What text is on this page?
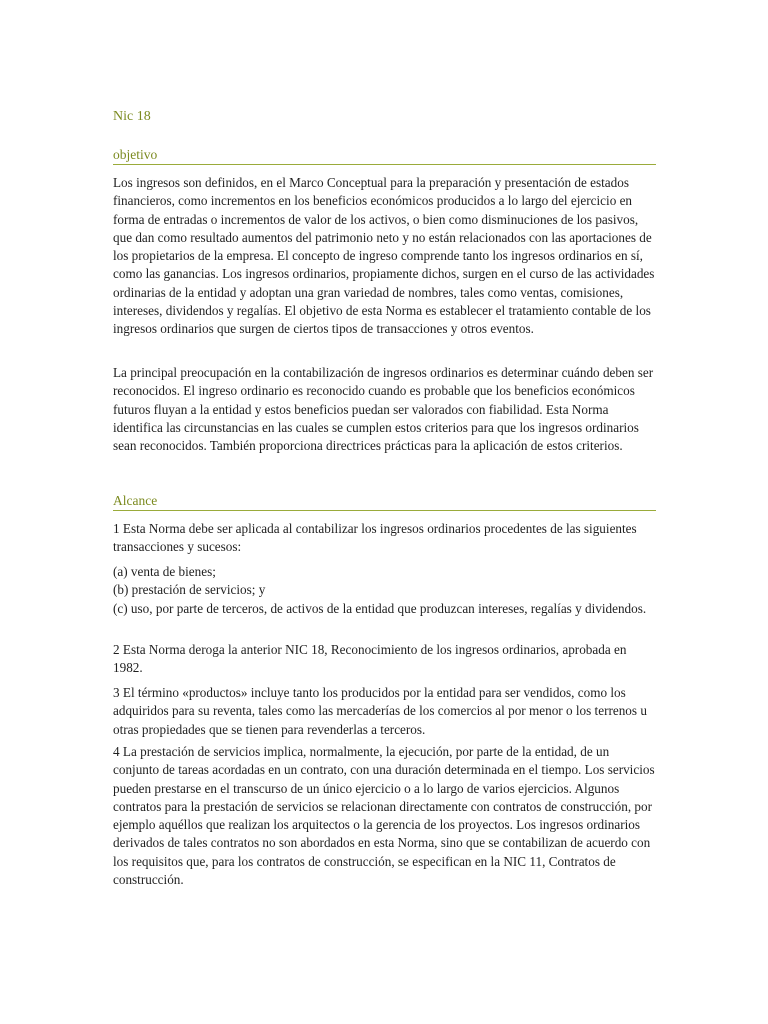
Nic 18
objetivo

Los ingresos son definidos, en el Marco Conceptual para la preparación y presentación de estados financieros, como incrementos en los beneficios económicos producidos a lo largo del ejercicio en forma de entradas o incrementos de valor de los activos, o bien como disminuciones de los pasivos, que dan como resultado aumentos del patrimonio neto y no están relacionados con las aportaciones de los propietarios de la empresa. El concepto de ingreso comprende tanto los ingresos ordinarios en sí, como las ganancias. Los ingresos ordinarios, propiamente dichos, surgen en el curso de las actividades ordinarias de la entidad y adoptan una gran variedad de nombres, tales como ventas, comisiones, intereses, dividendos y regalías. El objetivo de esta Norma es establecer el tratamiento contable de los ingresos ordinarios que surgen de ciertos tipos de transacciones y otros eventos.

La principal preocupación en la contabilización de ingresos ordinarios es determinar cuándo deben ser reconocidos. El ingreso ordinario es reconocido cuando es probable que los beneficios económicos futuros fluyan a la entidad y estos beneficios puedan ser valorados con fiabilidad. Esta Norma identifica las circunstancias en las cuales se cumplen estos criterios para que los ingresos ordinarios sean reconocidos. También proporciona directrices prácticas para la aplicación de estos criterios.

Alcance

1 Esta Norma debe ser aplicada al contabilizar los ingresos ordinarios procedentes de las siguientes transacciones y sucesos:

(a) venta de bienes;

(b) prestación de servicios; y

(c) uso, por parte de terceros, de activos de la entidad que produzcan intereses, regalías y dividendos.

2 Esta Norma deroga la anterior NIC 18, Reconocimiento de los ingresos ordinarios, aprobada en 1982.

3 El término «productos» incluye tanto los producidos por la entidad para ser vendidos, como los adquiridos para su reventa, tales como las mercaderías de los comercios al por menor o los terrenos u otras propiedades que se tienen para revenderlas a terceros.

4 La prestación de servicios implica, normalmente, la ejecución, por parte de la entidad, de un conjunto de tareas acordadas en un contrato, con una duración determinada en el tiempo. Los servicios pueden prestarse en el transcurso de un único ejercicio o a lo largo de varios ejercicios. Algunos contratos para la prestación de servicios se relacionan directamente con contratos de construcción, por ejemplo aquéllos que realizan los arquitectos o la gerencia de los proyectos. Los ingresos ordinarios derivados de tales contratos no son abordados en esta Norma, sino que se contabilizan de acuerdo con los requisitos que, para los contratos de construcción, se especifican en la NIC 11, Contratos de construcción.
